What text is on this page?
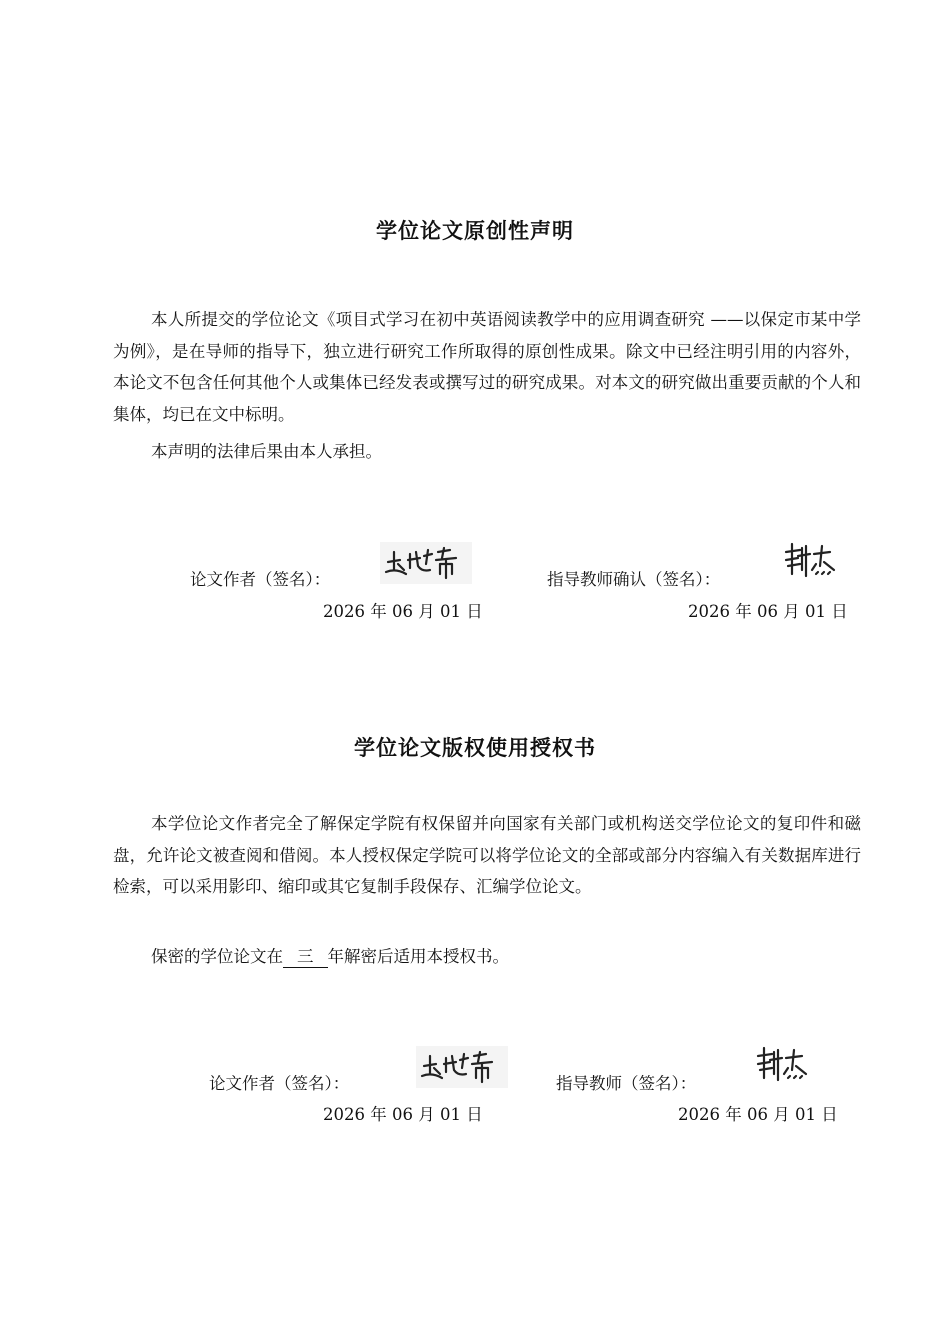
学位论文原创性声明
本人所提交的学位论文《项目式学习在初中英语阅读教学中的应用调查研究 ——以保定市某中学为例》，是在导师的指导下，独立进行研究工作所取得的原创性成果。除文中已经注明引用的内容外，本论文不包含任何其他个人或集体已经发表或撰写过的研究成果。对本文的研究做出重要贡献的个人和集体，均已在文中标明。
本声明的法律后果由本人承担。
论文作者（签名）：	指导教师确认（签名）：
2026 年 06 月 01 日	2026 年 06 月 01 日
学位论文版权使用授权书
本学位论文作者完全了解保定学院有权保留并向国家有关部门或机构送交学位论文的复印件和磁盘，允许论文被查阅和借阅。本人授权保定学院可以将学位论文的全部或部分内容编入有关数据库进行检索，可以采用影印、缩印或其它复制手段保存、汇编学位论文。
保密的学位论文在 三 年解密后适用本授权书。
论文作者（签名）：	指导教师（签名）：
2026 年 06 月 01 日	2026 年 06 月 01 日
